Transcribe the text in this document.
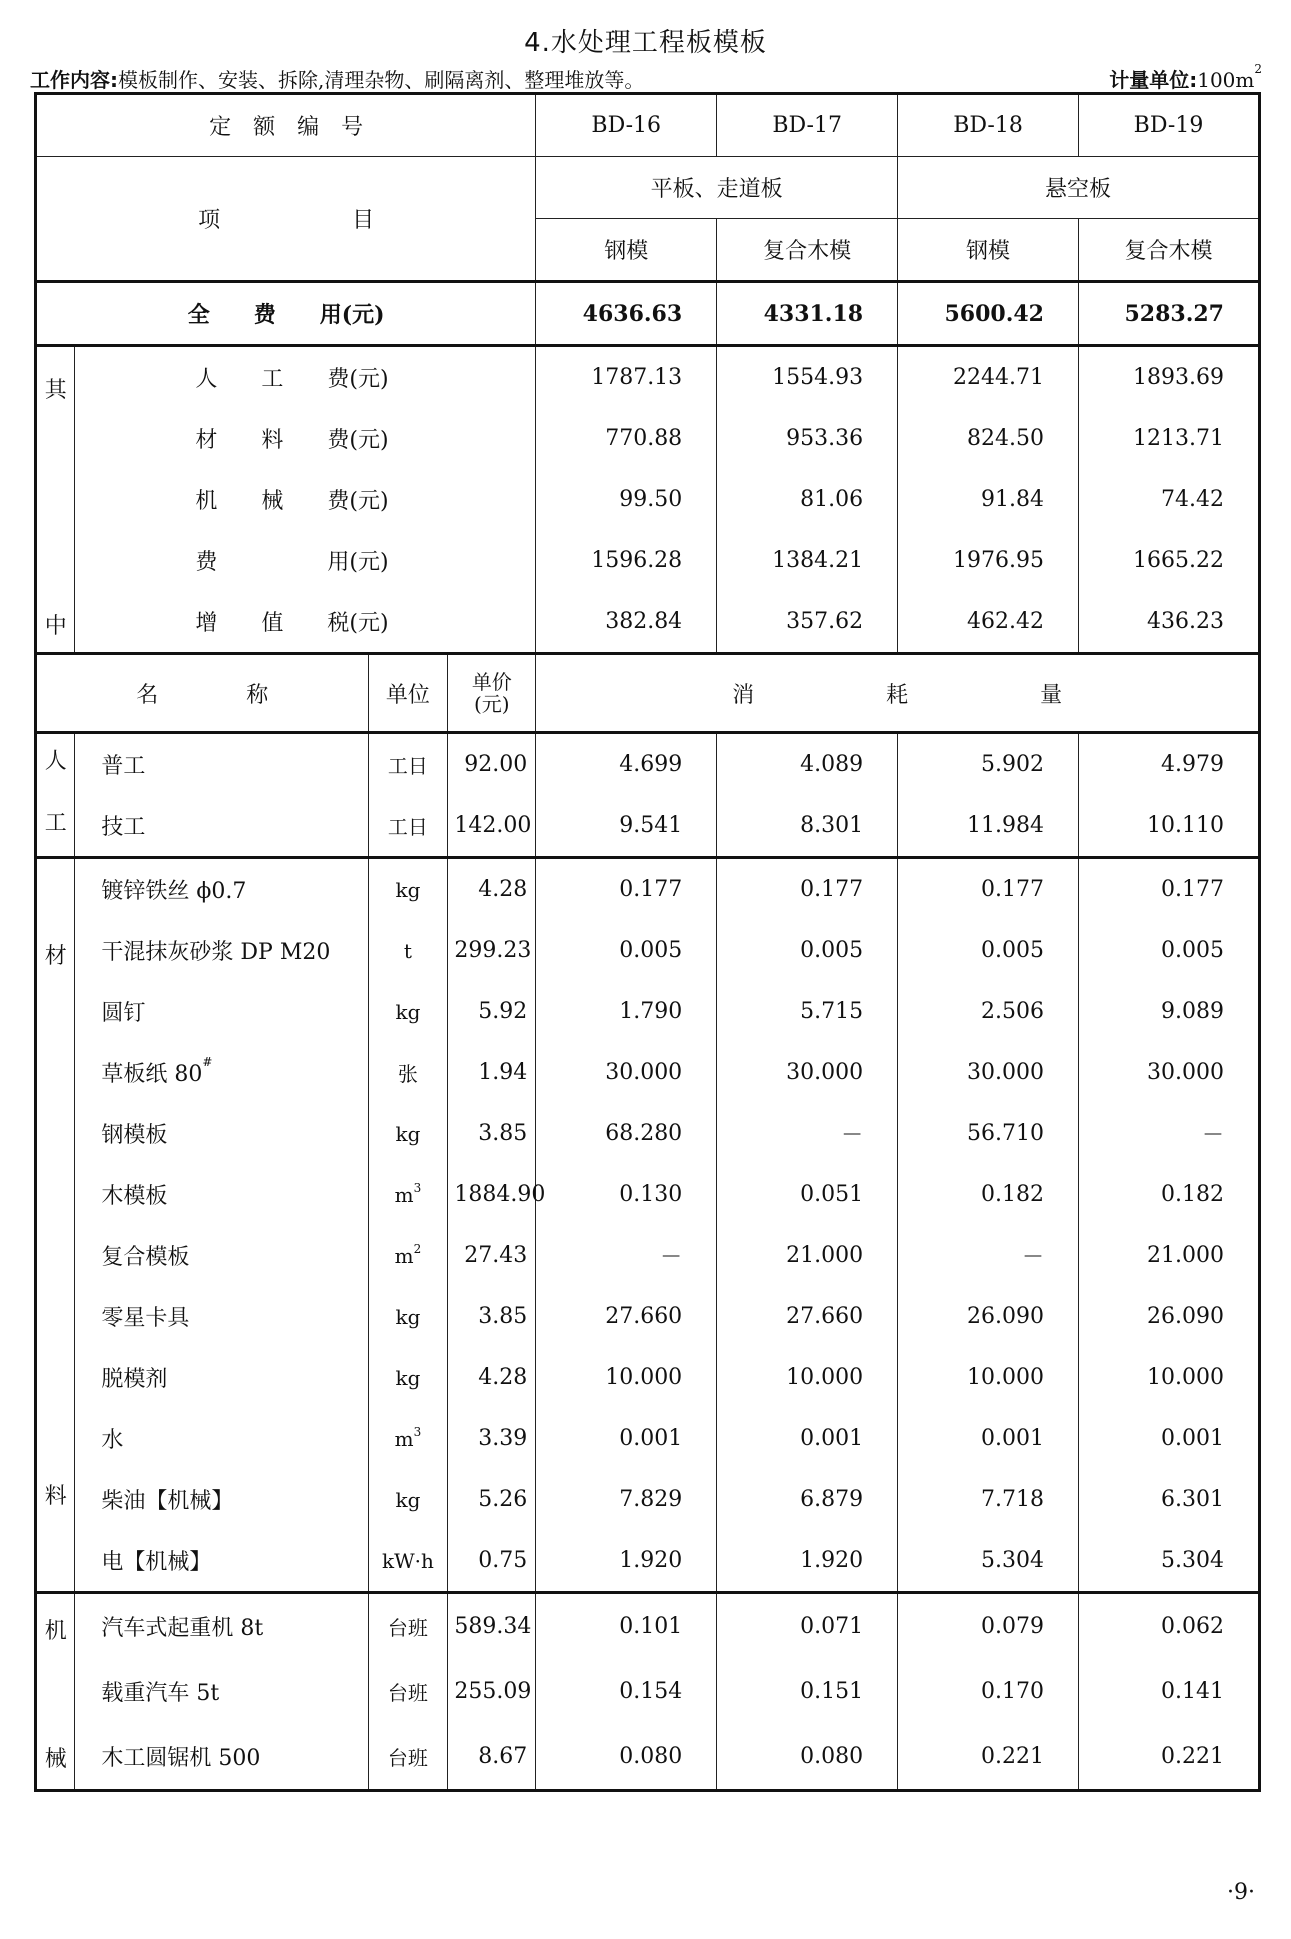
4.水处理工程板模板
工作内容:模板制作、安装、拆除,清理杂物、刷隔离剂、整理堆放等。	计量单位$:100m^2$
定　额　编　号				BD-16	BD-17	BD-18	BD-19
项　　　　　　目				平板、走道板		悬空板	
				钢模	复合木模	钢模	复合木模
全　　费　　用(元)				4636.63	4331.18	5600.42	5283.27

其
中	人　　工　　费(元)			1787.13	1554.93	2244.71	1893.69
	材　　料　　费(元)			770.88	953.36	824.50	1213.71
	机　　械　　费(元)			99.50	81.06	91.84	74.42
	费　　　　　用(元)			1596.28	1384.21	1976.95	1665.22
	增　　值　　税(元)			382.84	357.62	462.42	436.23
名　　　　称		单位	单价
(元)	消　　　　　　耗　　　　　　量			

人
工	普工	工日	92.00	4.699	4.089	5.902	4.979
	技工	工日	142.00	9.541	8.301	11.984	10.110

材
料	镀锌铁丝 ϕ0.7	kg	4.28	0.177	0.177	0.177	0.177
	干混抹灰砂浆 DP M20	t	299.23	0.005	0.005	0.005	0.005
	圆钉	kg	5.92	1.790	5.715	2.506	9.089
	草板纸 80#	张	1.94	30.000	30.000	30.000	30.000
	钢模板	kg	3.85	68.280	－	56.710	－
	木模板	$m^3$	1884.90	0.130	0.051	0.182	0.182
	复合模板	$m^2$	27.43	－	21.000	－	21.000
	零星卡具	kg	3.85	27.660	27.660	26.090	26.090
	脱模剂	kg	4.28	10.000	10.000	10.000	10.000
	水	$m^3$	3.39	0.001	0.001	0.001	0.001
	柴油【机械】	kg	5.26	7.829	6.879	7.718	6.301
	电【机械】	kW·h	0.75	1.920	1.920	5.304	5.304

机
械	汽车式起重机 8t	台班	589.34	0.101	0.071	0.079	0.062
	载重汽车 5t	台班	255.09	0.154	0.151	0.170	0.141
	木工圆锯机 500	台班	8.67	0.080	0.080	0.221	0.221
·9·
